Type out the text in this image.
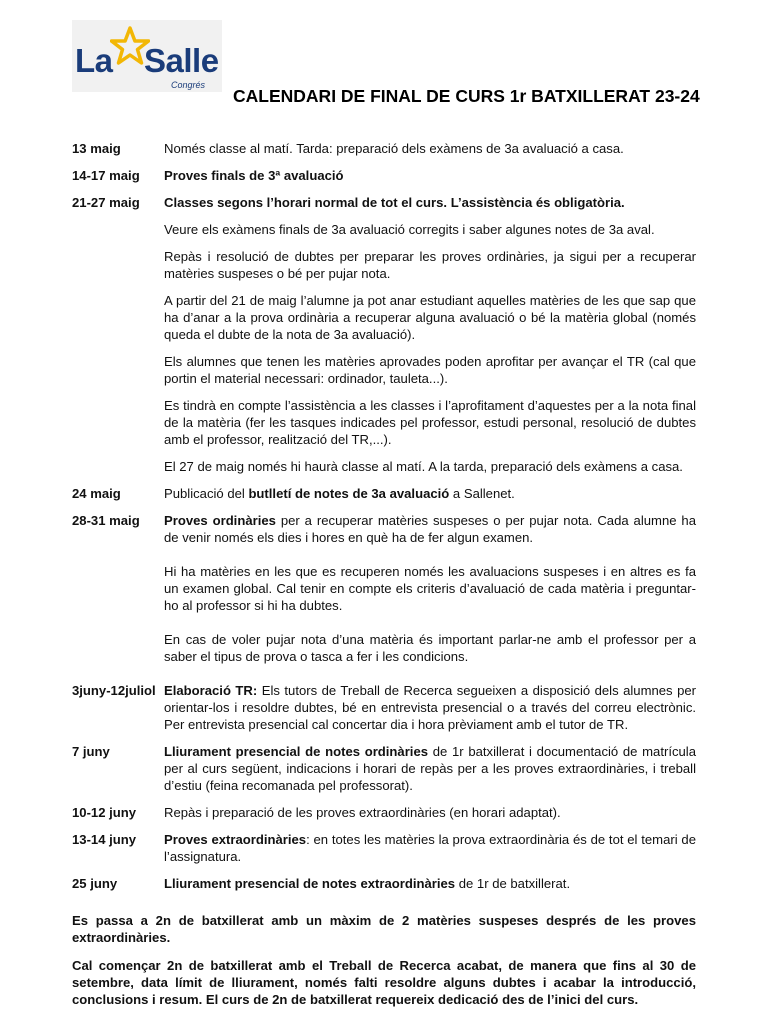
La Salle
Congrés
CALENDARI DE FINAL DE CURS 1r BATXILLERAT 23-24
13 maig	Només classe al matí. Tarda: preparació dels exàmens de 3a avaluació a casa.

14-17 maig	Proves finals de 3ª avaluació

21-27 maig	Classes segons l’horari normal de tot el curs. L’assistència és obligatòria.

Veure els exàmens finals de 3a avaluació corregits i saber algunes notes de 3a aval.

Repàs i resolució de dubtes per preparar les proves ordinàries, ja sigui per a recuperar matèries suspeses o bé per pujar nota.

A partir del 21 de maig l’alumne ja pot anar estudiant aquelles matèries de les que sap que ha d’anar a la prova ordinària a recuperar alguna avaluació o bé la matèria global (només queda el dubte de la nota de 3a avaluació).

Els alumnes que tenen les matèries aprovades poden aprofitar per avançar el TR (cal que portin el material necessari: ordinador, tauleta...).

Es tindrà en compte l’assistència a les classes i l’aprofitament d’aquestes per a la nota final de la matèria (fer les tasques indicades pel professor, estudi personal, resolució de dubtes amb el professor, realització del TR,...).

El 27 de maig només hi haurà classe al matí. A la tarda, preparació dels exàmens a casa.

24 maig	Publicació del butlletí de notes de 3a avaluació a Sallenet.

28-31 maig	Proves ordinàries per a recuperar matèries suspeses o per pujar nota. Cada alumne ha de venir només els dies i hores en què ha de fer algun examen.

Hi ha matèries en les que es recuperen només les avaluacions suspeses i en altres es fa un examen global. Cal tenir en compte els criteris d’avaluació de cada matèria i preguntar-ho al professor si hi ha dubtes.

En cas de voler pujar nota d’una matèria és important parlar-ne amb el professor per a saber el tipus de prova o tasca a fer i les condicions.

3juny-12juliol Elaboració TR: Els tutors de Treball de Recerca segueixen a disposició dels alumnes per orientar-los i resoldre dubtes, bé en entrevista presencial o a través del correu electrònic. Per entrevista presencial cal concertar dia i hora prèviament amb el tutor de TR.

7 juny	Lliurament presencial de notes ordinàries de 1r batxillerat i documentació de matrícula per al curs següent, indicacions i horari de repàs per a les proves extraordinàries, i treball d’estiu (feina recomanada pel professorat).

10-12 juny	Repàs i preparació de les proves extraordinàries (en horari adaptat).

13-14 juny	Proves extraordinàries: en totes les matèries la prova extraordinària és de tot el temari de l’assignatura.

25 juny	Lliurament presencial de notes extraordinàries de 1r de batxillerat.

Es passa a 2n de batxillerat amb un màxim de 2 matèries suspeses després de les proves extraordinàries.

Cal començar 2n de batxillerat amb el Treball de Recerca acabat, de manera que fins al 30 de setembre, data límit de lliurament, només falti resoldre alguns dubtes i acabar la introducció, conclusions i resum. El curs de 2n de batxillerat requereix dedicació des de l’inici del curs.
